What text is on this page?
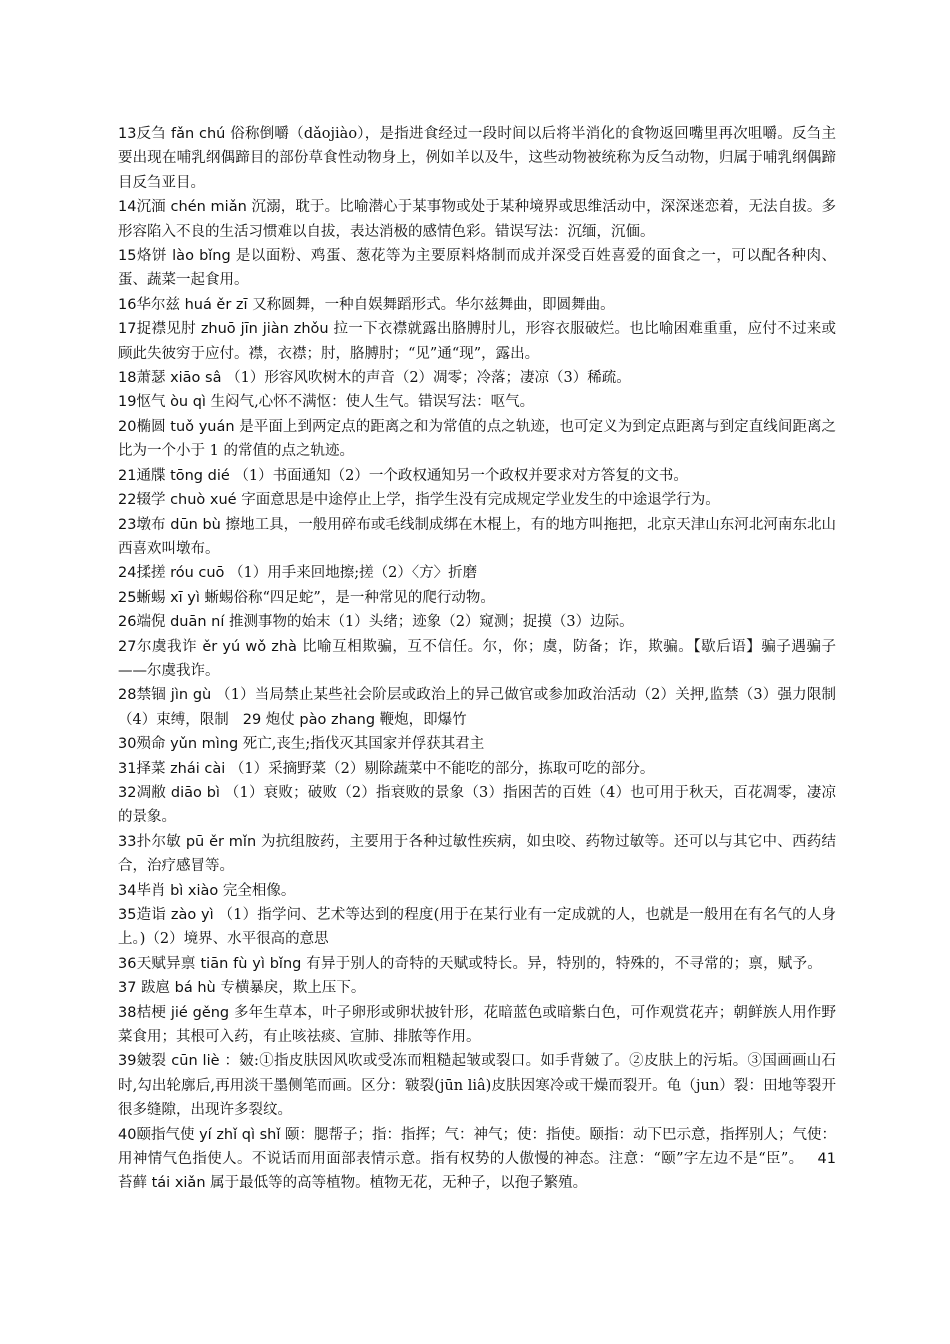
13反刍 fǎn chú 俗称倒嚼（dǎojiào），是指进食经过一段时间以后将半消化的食物返回嘴里再次咀嚼。反刍主要出现在哺乳纲偶蹄目的部份草食性动物身上，例如羊以及牛，这些动物被统称为反刍动物，归属于哺乳纲偶蹄目反刍亚目。

14沉湎 chén miǎn 沉溺，耽于。比喻潜心于某事物或处于某种境界或思维活动中，深深迷恋着，无法自拔。多形容陷入不良的生活习惯难以自拔，表达消极的感情色彩。错误写法：沉缅，沉偭。

15烙饼 lào bǐng 是以面粉、鸡蛋、葱花等为主要原料烙制而成并深受百姓喜爱的面食之一，可以配各种肉、蛋、蔬菜一起食用。

16华尔兹 huá ěr zī 又称圆舞，一种自娱舞蹈形式。华尔兹舞曲，即圆舞曲。

17捉襟见肘 zhuō jīn jiàn zhǒu 拉一下衣襟就露出胳膊肘儿，形容衣服破烂。也比喻困难重重，应付不过来或顾此失彼穷于应付。襟，衣襟；肘，胳膊肘；“见”通“现”，露出。

18萧瑟 xiāo sâ （1）形容风吹树木的声音（2）凋零；冷落；凄凉（3）稀疏。

19怄气 òu qì 生闷气,心怀不满怄：使人生气。错误写法：呕气。

20椭圆 tuǒ yuán 是平面上到两定点的距离之和为常值的点之轨迹，也可定义为到定点距离与到定直线间距离之比为一个小于 1 的常值的点之轨迹。

21通牒 tōng dié （1）书面通知（2）一个政权通知另一个政权并要求对方答复的文书。

22辍学 chuò xué 字面意思是中途停止上学，指学生没有完成规定学业发生的中途退学行为。

23墩布 dūn bù 擦地工具，一般用碎布或毛线制成绑在木棍上，有的地方叫拖把，北京天津山东河北河南东北山西喜欢叫墩布。

24揉搓 róu cuō （1）用手来回地擦;搓（2）〈方〉折磨

25蜥蜴 xī yì 蜥蜴俗称“四足蛇”，是一种常见的爬行动物。

26端倪 duān ní 推测事物的始末（1）头绪；迹象（2）窥测；捉摸（3）边际。

27尔虞我诈 ěr yú wǒ zhà 比喻互相欺骗，互不信任。尔，你；虞，防备；诈，欺骗。【歇后语】骗子遇骗子——尔虞我诈。

28禁锢 jìn gù （1）当局禁止某些社会阶层或政治上的异己做官或参加政治活动（2）关押,监禁（3）强力限制（4）束缚，限制 29 炮仗 pào zhang 鞭炮，即爆竹

30殒命 yǔn mìng 死亡,丧生;指伐灭其国家并俘获其君主

31择菜 zhái cài （1）采摘野菜（2）剔除蔬菜中不能吃的部分，拣取可吃的部分。

32凋敝 diāo bì （1）衰败；破败（2）指衰败的景象（3）指困苦的百姓（4）也可用于秋天，百花凋零，凄凉的景象。

33扑尔敏 pū ěr mǐn 为抗组胺药，主要用于各种过敏性疾病，如虫咬、药物过敏等。还可以与其它中、西药结合，治疗感冒等。

34毕肖 bì xiào 完全相像。

35造诣 zào yì （1）指学问、艺术等达到的程度(用于在某行业有一定成就的人，也就是一般用在有名气的人身上。)（2）境界、水平很高的意思

36天赋异禀 tiān fù yì bǐng 有异于别人的奇特的天赋或特长。异，特别的，特殊的，不寻常的；禀，赋予。37 跋扈 bá hù 专横暴戾，欺上压下。

38桔梗 jié gěng 多年生草本，叶子卵形或卵状披针形，花暗蓝色或暗紫白色，可作观赏花卉；朝鲜族人用作野菜食用；其根可入药，有止咳祛痰、宣肺、排脓等作用。

39皴裂 cūn liè ：皴:①指皮肤因风吹或受冻而粗糙起皱或裂口。如手背皴了。②皮肤上的污垢。③国画画山石时,勾出轮廓后,再用淡干墨侧笔而画。区分：皲裂(jūn liâ)皮肤因寒冷或干燥而裂开。龟（jun）裂：田地等裂开很多缝隙，出现许多裂纹。

40颐指气使 yí zhǐ qì shǐ 颐：腮帮子；指：指挥；气：神气；使：指使。颐指：动下巴示意，指挥别人；气使：用神情气色指使人。不说话而用面部表情示意。指有权势的人傲慢的神态。注意：“颐”字左边不是“臣”。 41 苔藓 tái xiǎn 属于最低等的高等植物。植物无花，无种子，以孢子繁殖。
